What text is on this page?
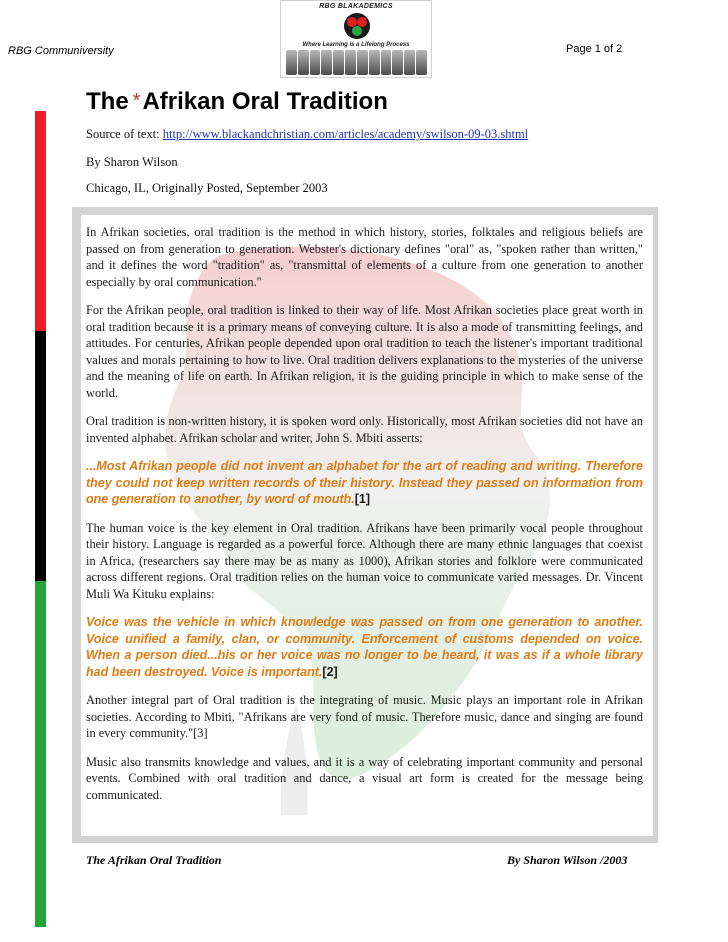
RBG Communiversity
RBG BLAKADEMICS
Where Learning is a Lifelong Process	Page 1 of 2
The *Afrikan Oral Tradition

Source of text: http://www.blackandchristian.com/articles/academy/swilson-09-03.shtml

By Sharon Wilson

Chicago, IL, Originally Posted, September 2003

In Afrikan societies, oral tradition is the method in which history, stories, folktales and religious beliefs are passed on from generation to generation. Webster's dictionary defines "oral" as, "spoken rather than written," and it defines the word "tradition" as, "transmittal of elements of a culture from one generation to another especially by oral communication."

For the Afrikan people, oral tradition is linked to their way of life. Most Afrikan societies place great worth in oral tradition because it is a primary means of conveying culture. It is also a mode of transmitting feelings, and attitudes. For centuries, Afrikan people depended upon oral tradition to teach the listener's important traditional values and morals pertaining to how to live. Oral tradition delivers explanations to the mysteries of the universe and the meaning of life on earth. In Afrikan religion, it is the guiding principle in which to make sense of the world.

Oral tradition is non-written history, it is spoken word only. Historically, most Afrikan societies did not have an invented alphabet. Afrikan scholar and writer, John S. Mbiti asserts:

...Most Afrikan people did not invent an alphabet for the art of reading and writing. Therefore they could not keep written records of their history. Instead they passed on information from one generation to another, by word of mouth.[1]

The human voice is the key element in Oral tradition. Afrikans have been primarily vocal people throughout their history. Language is regarded as a powerful force. Although there are many ethnic languages that coexist in Africa, (researchers say there may be as many as 1000), Afrikan stories and folklore were communicated across different regions. Oral tradition relies on the human voice to communicate varied messages. Dr. Vincent Muli Wa Kituku explains:

Voice was the vehicle in which knowledge was passed on from one generation to another. Voice unified a family, clan, or community. Enforcement of customs depended on voice. When a person died...his or her voice was no longer to be heard, it was as if a whole library had been destroyed. Voice is important.[2]

Another integral part of Oral tradition is the integrating of music. Music plays an important role in Afrikan societies. According to Mbiti, "Afrikans are very fond of music. Therefore music, dance and singing are found in every community."[3]

Music also transmits knowledge and values, and it is a way of celebrating important community and personal events. Combined with oral tradition and dance, a visual art form is created for the message being communicated.

The Afrikan Oral Tradition	By Sharon Wilson /2003
